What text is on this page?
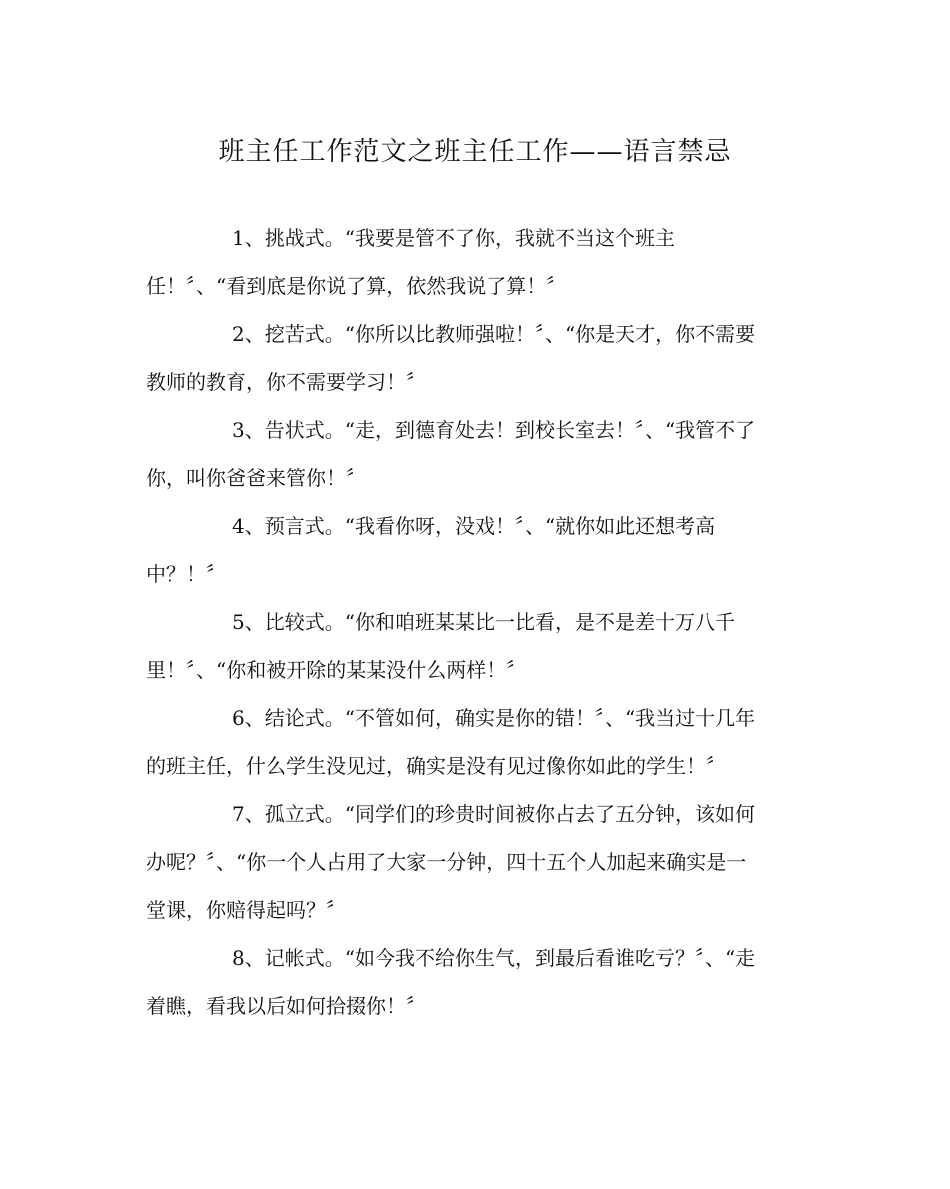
班主任工作范文之班主任工作——语言禁忌

1、挑战式。“我要是管不了你，我就不当这个班主

任！〞、“看到底是你说了算，依然我说了算！〞

2、挖苦式。“你所以比教师强啦！〞、“你是天才，你不需要

教师的教育，你不需要学习！〞

3、告状式。“走，到德育处去！到校长室去！〞、“我管不了

你，叫你爸爸来管你！〞

4、预言式。“我看你呀，没戏！〞、“就你如此还想考高

中？！〞

5、比较式。“你和咱班某某比一比看，是不是差十万八千

里！〞、“你和被开除的某某没什么两样！〞

6、结论式。“不管如何，确实是你的错！〞、“我当过十几年

的班主任，什么学生没见过，确实是没有见过像你如此的学生！〞

7、孤立式。“同学们的珍贵时间被你占去了五分钟，该如何

办呢？〞、“你一个人占用了大家一分钟，四十五个人加起来确实是一

堂课，你赔得起吗？〞

8、记帐式。“如今我不给你生气，到最后看谁吃亏？〞、“走

着瞧，看我以后如何拾掇你！〞
